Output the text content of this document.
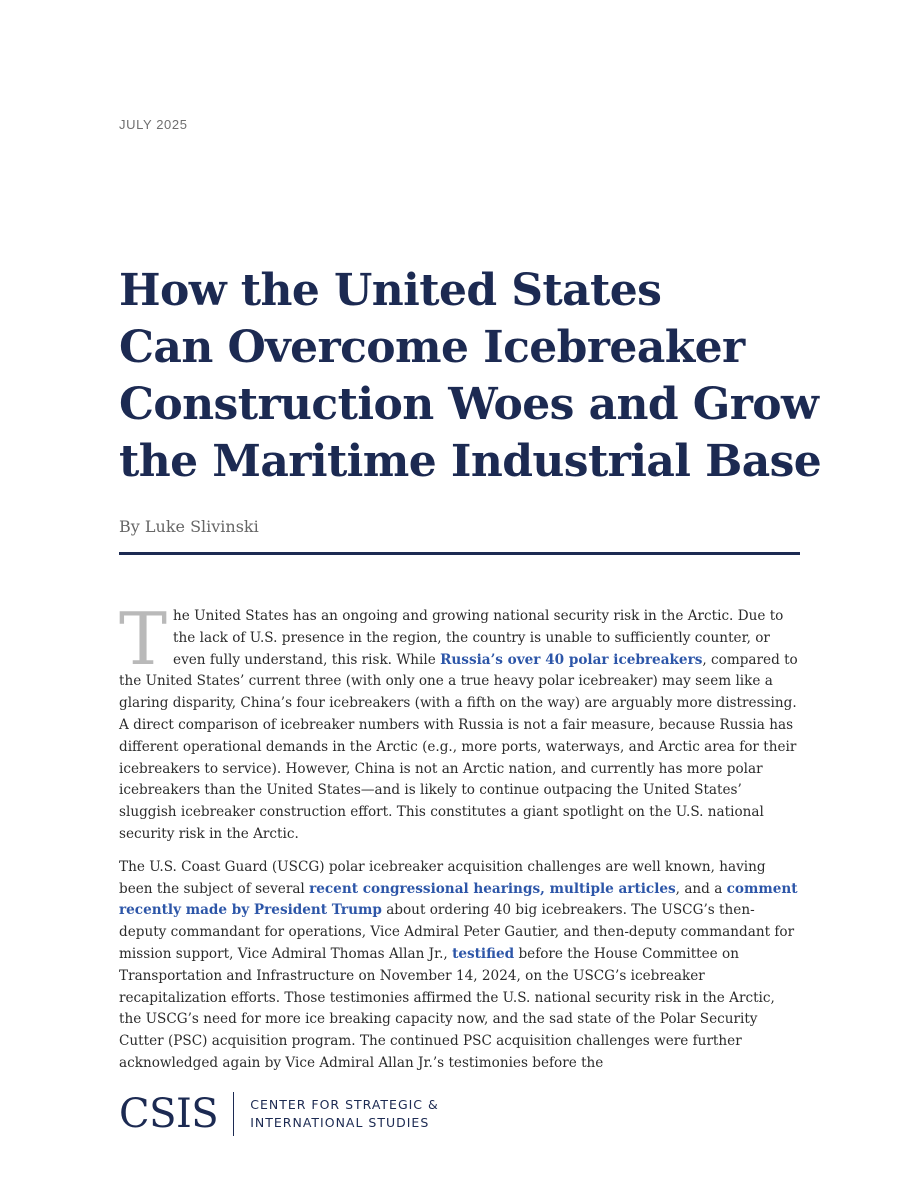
JULY 2025
How the United States
Can Overcome Icebreaker
Construction Woes and Grow
the Maritime Industrial Base
By Luke Slivinski

The United States has an ongoing and growing national security risk in the Arctic. Due to the lack of U.S. presence in the region, the country is unable to sufficiently counter, or even fully understand, this risk. While Russia’s over 40 polar icebreakers, compared to the United States’ current three (with only one a true heavy polar icebreaker) may seem like a glaring disparity, China’s four icebreakers (with a fifth on the way) are arguably more distressing. A direct comparison of icebreaker numbers with Russia is not a fair measure, because Russia has different operational demands in the Arctic (e.g., more ports, waterways, and Arctic area for their icebreakers to service). However, China is not an Arctic nation, and currently has more polar icebreakers than the United States—and is likely to continue outpacing the United States’ sluggish icebreaker construction effort. This constitutes a giant spotlight on the U.S. national security risk in the Arctic.

The U.S. Coast Guard (USCG) polar icebreaker acquisition challenges are well known, having been the subject of several recent congressional hearings, multiple articles, and a comment recently made by President Trump about ordering 40 big icebreakers. The USCG’s then-deputy commandant for operations, Vice Admiral Peter Gautier, and then-deputy commandant for mission support, Vice Admiral Thomas Allan Jr., testified before the House Committee on Transportation and Infrastructure on November 14, 2024, on the USCG’s icebreaker recapitalization efforts. Those testimonies affirmed the U.S. national security risk in the Arctic, the USCG’s need for more ice breaking capacity now, and the sad state of the Polar Security Cutter (PSC) acquisition program. The continued PSC acquisition challenges were further acknowledged again by Vice Admiral Allan Jr.’s testimonies before the

CSIS	CENTER FOR STRATEGIC &
INTERNATIONAL STUDIES
